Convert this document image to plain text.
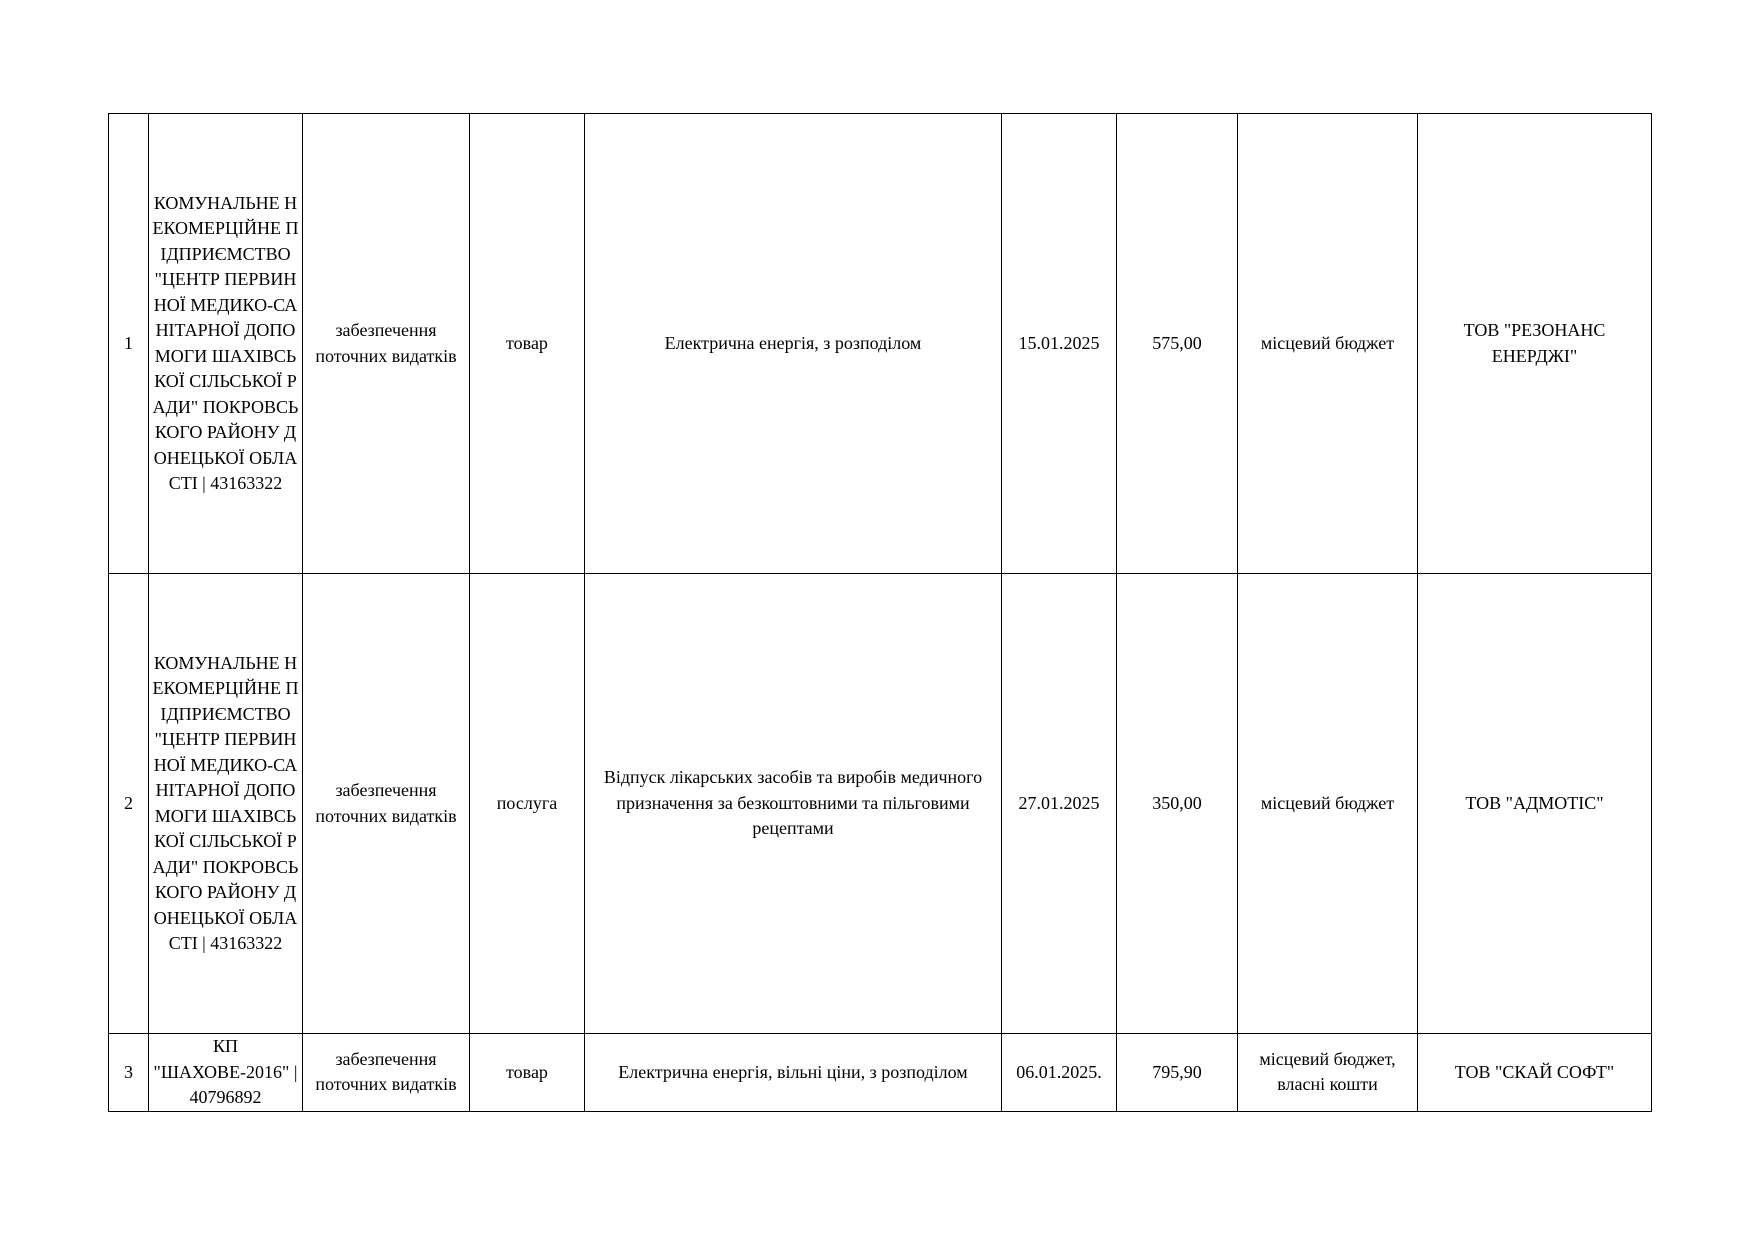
1	КОМУНАЛЬНЕ НЕКОМЕРЦІЙНЕ ПІДПРИЄМСТВО "ЦЕНТР ПЕРВИННОЇ МЕДИКО-САНІТАРНОЇ ДОПОМОГИ ШАХІВСЬКОЇ СІЛЬСЬКОЇ РАДИ" ПОКРОВСЬКОГО РАЙОНУ ДОНЕЦЬКОЇ ОБЛАСТІ | 43163322	забезпечення поточних видатків	товар	Електрична енергія, з розподілом	15.01.2025	575,00	місцевий бюджет	ТОВ "РЕЗОНАНС ЕНЕРДЖІ"
2	КОМУНАЛЬНЕ НЕКОМЕРЦІЙНЕ ПІДПРИЄМСТВО "ЦЕНТР ПЕРВИННОЇ МЕДИКО-САНІТАРНОЇ ДОПОМОГИ ШАХІВСЬКОЇ СІЛЬСЬКОЇ РАДИ" ПОКРОВСЬКОГО РАЙОНУ ДОНЕЦЬКОЇ ОБЛАСТІ | 43163322	забезпечення поточних видатків	послуга	Відпуск лікарських засобів та виробів медичного призначення за безкоштовними та пільговими рецептами	27.01.2025	350,00	місцевий бюджет	ТОВ "АДМОТІС"
3	КП "ШАХОВЕ-2016" | 40796892	забезпечення поточних видатків	товар	Електрична енергія, вільні ціни, з розподілом	06.01.2025.	795,90	місцевий бюджет, власні кошти	ТОВ "СКАЙ СОФТ"
